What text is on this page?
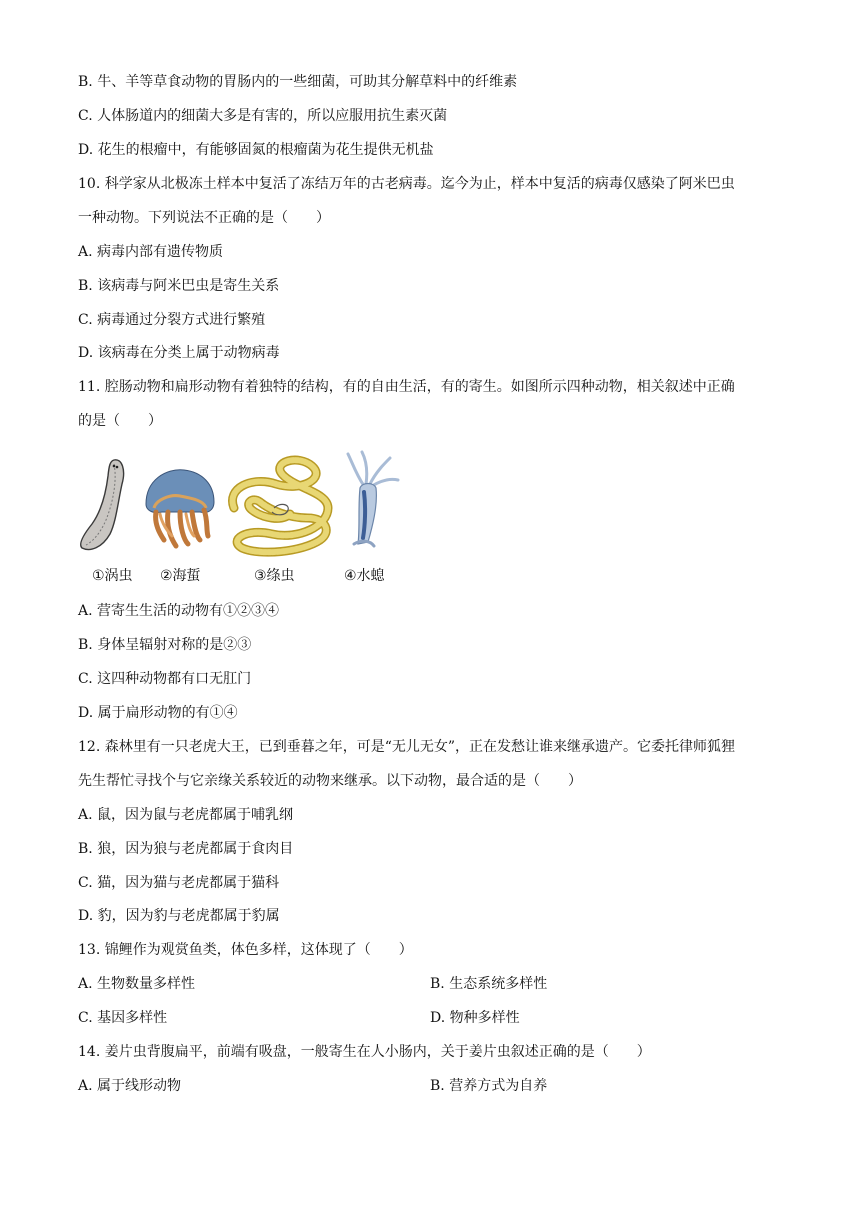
B. 牛、羊等草食动物的胃肠内的一些细菌，可助其分解草料中的纤维素
C. 人体肠道内的细菌大多是有害的，所以应服用抗生素灭菌
D. 花生的根瘤中，有能够固氮的根瘤菌为花生提供无机盐
10. 科学家从北极冻土样本中复活了冻结万年的古老病毒。迄今为止，样本中复活的病毒仅感染了阿米巴虫
一种动物。下列说法不正确的是（　　）
A. 病毒内部有遗传物质
B. 该病毒与阿米巴虫是寄生关系
C. 病毒通过分裂方式进行繁殖
D. 该病毒在分类上属于动物病毒
11. 腔肠动物和扁形动物有着独特的结构，有的自由生活，有的寄生。如图所示四种动物，相关叙述中正确
的是（　　）
①涡虫 ②海蜇	③绦虫	④水螅
A. 营寄生生活的动物有①②③④
B. 身体呈辐射对称的是②③
C. 这四种动物都有口无肛门
D. 属于扁形动物的有①④
12. 森林里有一只老虎大王，已到垂暮之年，可是“无儿无女”，正在发愁让谁来继承遗产。它委托律师狐狸
先生帮忙寻找个与它亲缘关系较近的动物来继承。以下动物，最合适的是（　　）
A. 鼠，因为鼠与老虎都属于哺乳纲
B. 狼，因为狼与老虎都属于食肉目
C. 猫，因为猫与老虎都属于猫科
D. 豹，因为豹与老虎都属于豹属
13. 锦鲤作为观赏鱼类，体色多样，这体现了（　　）
A. 生物数量多样性	B. 生态系统多样性
C. 基因多样性	D. 物种多样性
14. 姜片虫背腹扁平，前端有吸盘，一般寄生在人小肠内，关于姜片虫叙述正确的是（　　）
A. 属于线形动物	B. 营养方式为自养
